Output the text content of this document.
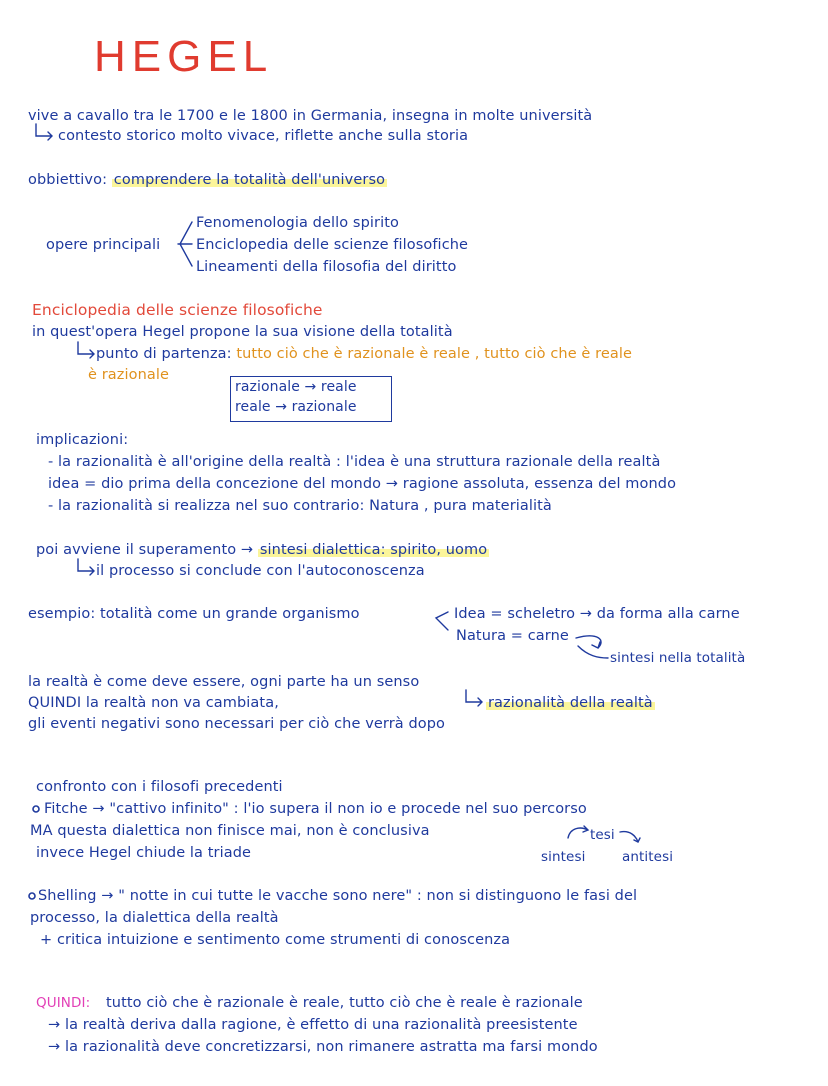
HEGEL
vive a cavallo tra le 1700 e le 1800 in Germania, insegna in molte università
contesto storico molto vivace, riflette anche sulla storia
obbiettivo: comprendere la totalità dell'universo
opere principali
Fenomenologia dello spirito
Enciclopedia delle scienze filosofiche
Lineamenti della filosofia del diritto
Enciclopedia delle scienze filosofiche
in quest'opera Hegel propone la sua visione della totalità
punto di partenza: tutto ciò che è razionale è reale , tutto ciò che è reale
è razionale
razionale → reale
reale → razionale
implicazioni:
- la razionalità è all'origine della realtà : l'idea è una struttura razionale della realtà
idea = dio prima della concezione del mondo → ragione assoluta, essenza del mondo
- la razionalità si realizza nel suo contrario: Natura , pura materialità
poi avviene il superamento → sintesi dialettica: spirito, uomo
il processo si conclude con l'autoconoscenza
esempio: totalità come un grande organismo	Idea = scheletro → da forma alla carne
Natura = carne
sintesi nella totalità
la realtà è come deve essere, ogni parte ha un senso
QUINDI la realtà non va cambiata,	razionalità della realtà
gli eventi negativi sono necessari per ciò che verrà dopo
confronto con i filosofi precedenti
Fitche → "cattivo infinito" : l'io supera il non io e procede nel suo percorso
MA questa dialettica non finisce mai, non è conclusiva
invece Hegel chiude la triade
tesi
sintesi	antitesi
Shelling → " notte in cui tutte le vacche sono nere" : non si distinguono le fasi del
processo, la dialettica della realtà
+ critica intuizione e sentimento come strumenti di conoscenza
QUINDI: tutto ciò che è razionale è reale, tutto ciò che è reale è razionale
→ la realtà deriva dalla ragione, è effetto di una razionalità preesistente
→ la razionalità deve concretizzarsi, non rimanere astratta ma farsi mondo
